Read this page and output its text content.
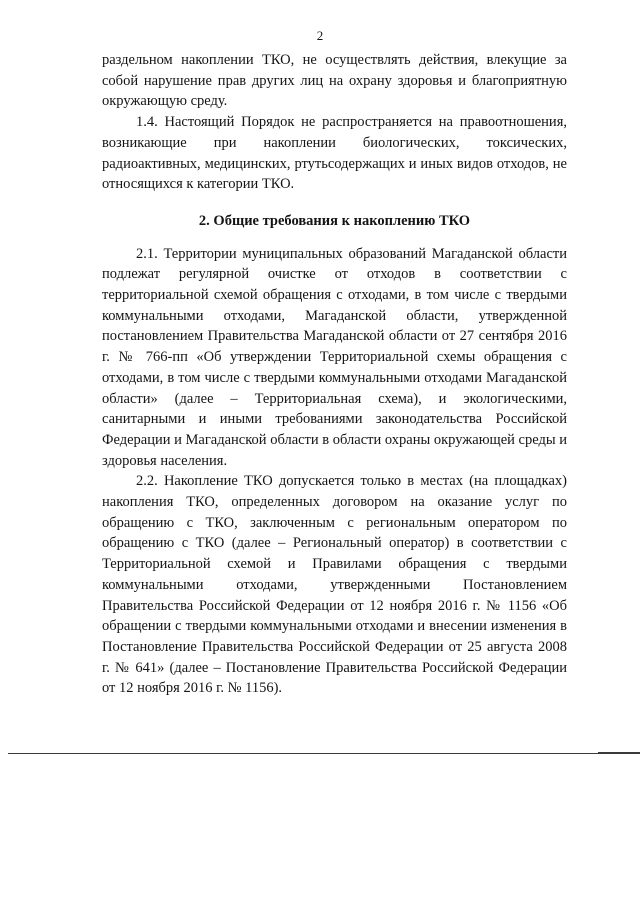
2

раздельном накоплении ТКО, не осуществлять действия, влекущие за собой нарушение прав других лиц на охрану здоровья и благоприятную окружающую среду.

1.4. Настоящий Порядок не распространяется на правоотношения, возникающие при накоплении биологических, токсических, радиоактивных, медицинских, ртутьсодержащих и иных видов отходов, не относящихся к категории ТКО.

2. Общие требования к накоплению ТКО

2.1. Территории муниципальных образований Магаданской области подлежат регулярной очистке от отходов в соответствии с территориальной схемой обращения с отходами, в том числе с твердыми коммунальными отходами, Магаданской области, утвержденной постановлением Правительства Магаданской области от 27 сентября 2016 г. № 766-пп «Об утверждении Территориальной схемы обращения с отходами, в том числе с твердыми коммунальными отходами Магаданской области» (далее – Территориальная схема), и экологическими, санитарными и иными требованиями законодательства Российской Федерации и Магаданской области в области охраны окружающей среды и здоровья населения.

2.2. Накопление ТКО допускается только в местах (на площадках) накопления ТКО, определенных договором на оказание услуг по обращению с ТКО, заключенным с региональным оператором по обращению с ТКО (далее – Региональный оператор) в соответствии с Территориальной схемой и Правилами обращения с твердыми коммунальными отходами, утвержденными Постановлением Правительства Российской Федерации от 12 ноября 2016 г. № 1156 «Об обращении с твердыми коммунальными отходами и внесении изменения в Постановление Правительства Российской Федерации от 25 августа 2008 г. № 641» (далее – Постановление Правительства Российской Федерации от 12 ноября 2016 г. № 1156).
